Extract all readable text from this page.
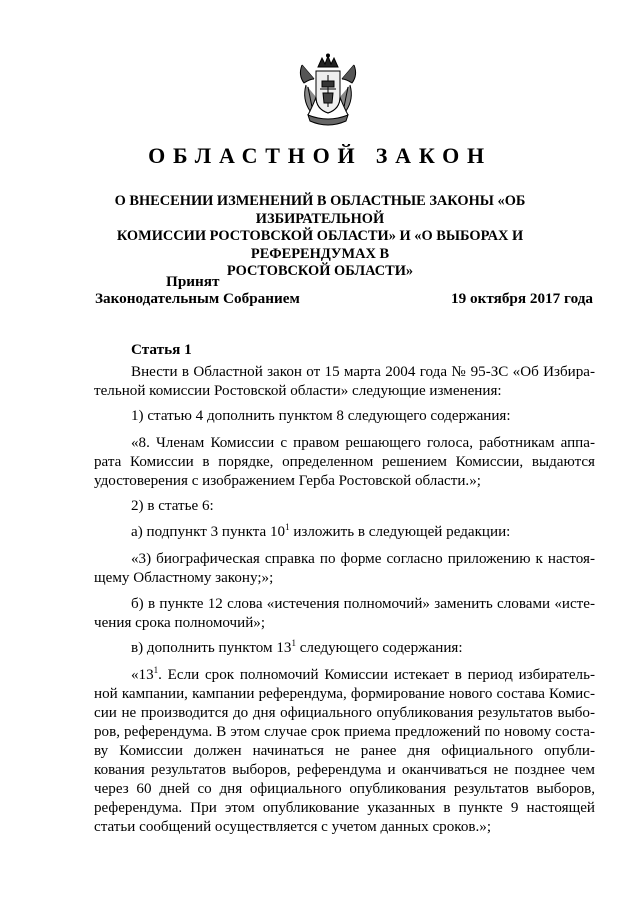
ОБЛАСТНОЙ ЗАКОН
О ВНЕСЕНИИ ИЗМЕНЕНИЙ В ОБЛАСТНЫЕ ЗАКОНЫ «ОБ ИЗБИРАТЕЛЬНОЙ
КОМИССИИ РОСТОВСКОЙ ОБЛАСТИ» И «О ВЫБОРАХ И РЕФЕРЕНДУМАХ В
РОСТОВСКОЙ ОБЛАСТИ»
Принят
Законодательным Собранием	19 октября 2017 года
Статья 1
Внести в Областной закон от 15 марта 2004 года № 95-ЗС «Об Избира-
тельной комиссии Ростовской области» следующие изменения:
1) статью 4 дополнить пунктом 8 следующего содержания:
«8. Членам Комиссии с правом решающего голоса, работникам аппа-
рата Комиссии в порядке, определенном решением Комиссии, выдаются
удостоверения с изображением Герба Ростовской области.»;
2) в статье 6:
а) подпункт 3 пункта $10^1$ изложить в следующей редакции:
«3) биографическая справка по форме согласно приложению к настоя-
щему Областному закону;»;
б) в пункте 12 слова «истечения полномочий» заменить словами «исте-
чения срока полномочий»;
в) дополнить пунктом $13^1$ следующего содержания:
«$13^1$. Если срок полномочий Комиссии истекает в период избиратель-
ной кампании, кампании референдума, формирование нового состава Комис-
сии не производится до дня официального опубликования результатов выбо-
ров, референдума. В этом случае срок приема предложений по новому соста-
ву Комиссии должен начинаться не ранее дня официального опубли-
кования результатов выборов, референдума и оканчиваться не позднее чем
через 60 дней со дня официального опубликования результатов выборов,
референдума. При этом опубликование указанных в пункте 9 настоящей
статьи сообщений осуществляется с учетом данных сроков.»;
